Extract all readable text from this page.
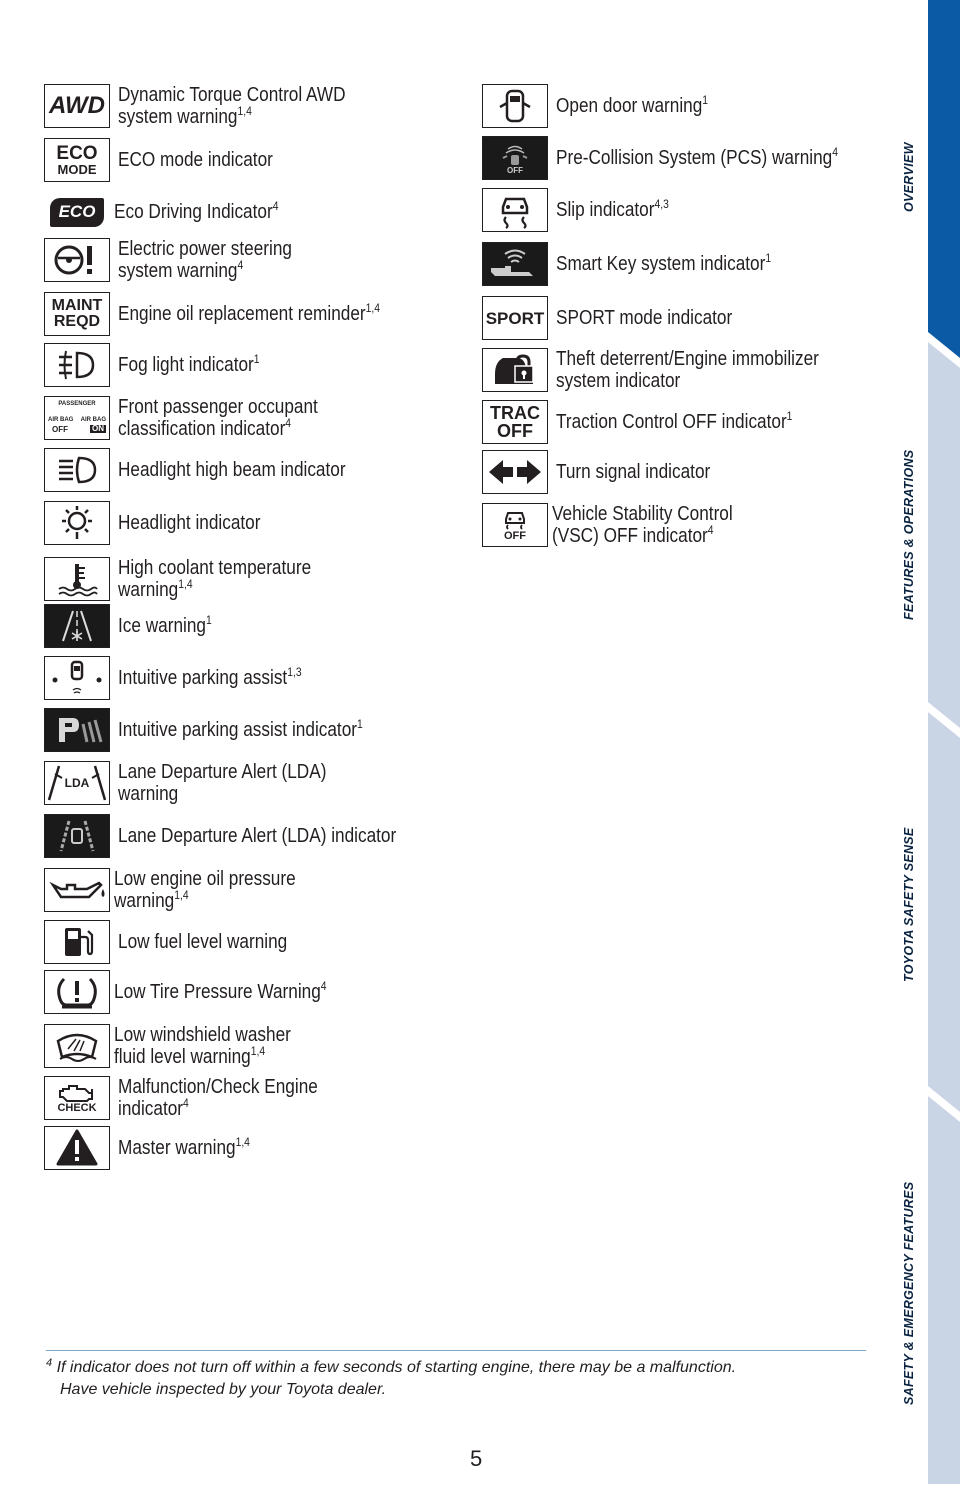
OVERVIEW
FEATURES & OPERATIONS
TOYOTA SAFETY SENSE
SAFETY & EMERGENCY FEATURES
AWD Dynamic Torque Control AWD
system warning$^{1,4}$
ECO
MODE ECO mode indicator
ECO Eco Driving Indicator$^4$
Electric power steering
system warning$^4$
MAINT
REQD Engine oil replacement reminder$^{1,4}$
Fog light indicator$^1$
PASSENGER
AIR BAG
OFF
AIR BAG
ON
Front passenger occupant
classification indicator$^4$
Headlight high beam indicator
Headlight indicator
High coolant temperature
warning$^{1,4}$
Ice warning$^1$
Intuitive parking assist$^{1,3}$
Intuitive parking assist indicator$^1$
LDA Lane Departure Alert (LDA)
warning
Lane Departure Alert (LDA) indicator
Low engine oil pressure
warning$^{1,4}$
Low fuel level warning
Low Tire Pressure Warning$^4$
Low windshield washer
fluid level warning$^{1,4}$
CHECK
Malfunction/Check Engine
indicator$^4$
Master warning$^{1,4}$
Open door warning$^1$
OFF
Pre-Collision System (PCS) warning$^4$
Slip indicator$^{4,3}$
Smart Key system indicator$^1$
SPORT SPORT mode indicator
Theft deterrent/Engine immobilizer
system indicator
TRAC
OFF Traction Control OFF indicator$^1$
Turn signal indicator
OFF
Vehicle Stability Control
(VSC) OFF indicator$^4$
$^4$ If indicator does not turn off within a few seconds of starting engine, there may be a malfunction.
Have vehicle inspected by your Toyota dealer.
5
